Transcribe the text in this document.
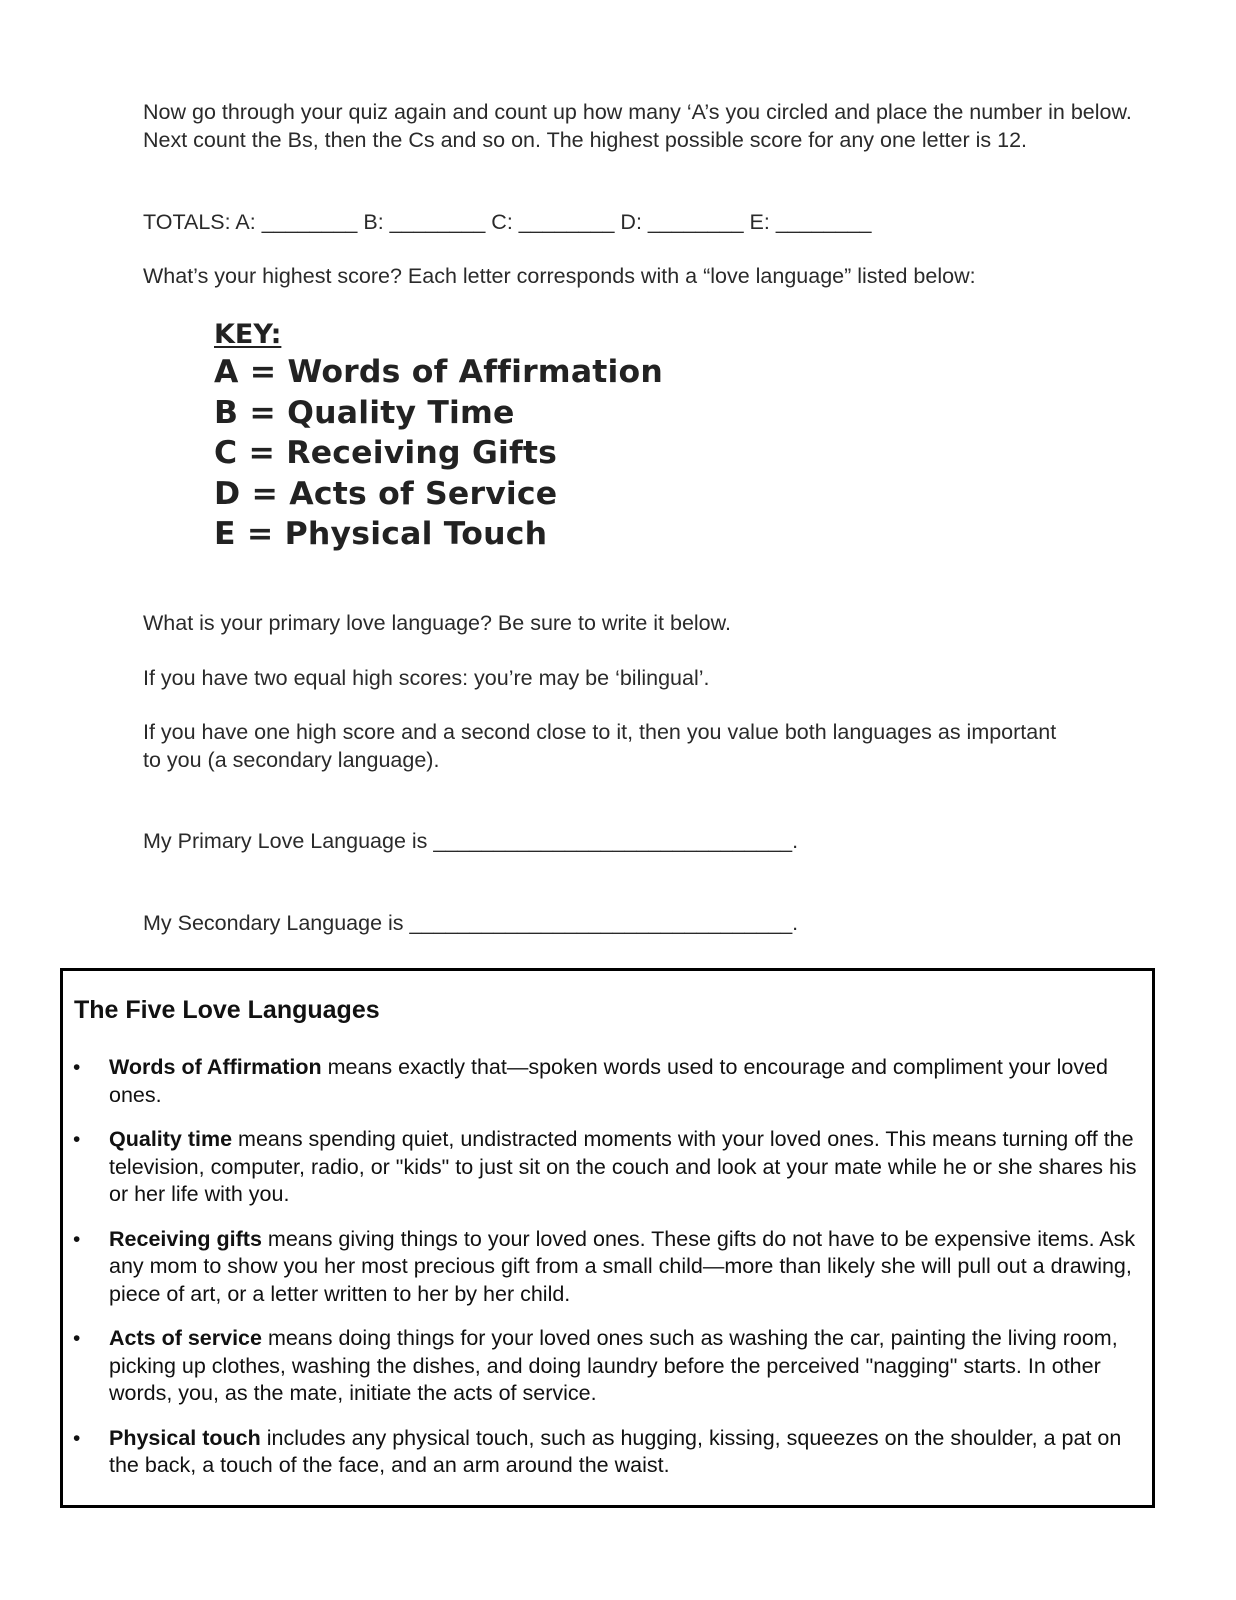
Now go through your quiz again and count up how many ‘A’s you circled and place the number in below. Next count the Bs, then the Cs and so on. The highest possible score for any one letter is 12.

TOTALS: A: ________ B: ________ C: ________ D: ________ E: ________

What’s your highest score? Each letter corresponds with a “love language” listed below:

KEY:
A = Words of Affirmation
B = Quality Time
C = Receiving Gifts
D = Acts of Service
E = Physical Touch

What is your primary love language? Be sure to write it below.

If you have two equal high scores: you’re may be ‘bilingual’.

If you have one high score and a second close to it, then you value both languages as important to you (a secondary language).

My Primary Love Language is ______________________________.
My Secondary Language is ________________________________.
The Five Love Languages
• Words of Affirmation means exactly that—spoken words used to encourage and compliment your loved ones.
• Quality time means spending quiet, undistracted moments with your loved ones. This means turning off the television, computer, radio, or "kids" to just sit on the couch and look at your mate while he or she shares his or her life with you.
• Receiving gifts means giving things to your loved ones. These gifts do not have to be expensive items. Ask any mom to show you her most precious gift from a small child—more than likely she will pull out a drawing, piece of art, or a letter written to her by her child.
• Acts of service means doing things for your loved ones such as washing the car, painting the living room, picking up clothes, washing the dishes, and doing laundry before the perceived "nagging" starts. In other words, you, as the mate, initiate the acts of service.
• Physical touch includes any physical touch, such as hugging, kissing, squeezes on the shoulder, a pat on the back, a touch of the face, and an arm around the waist.
